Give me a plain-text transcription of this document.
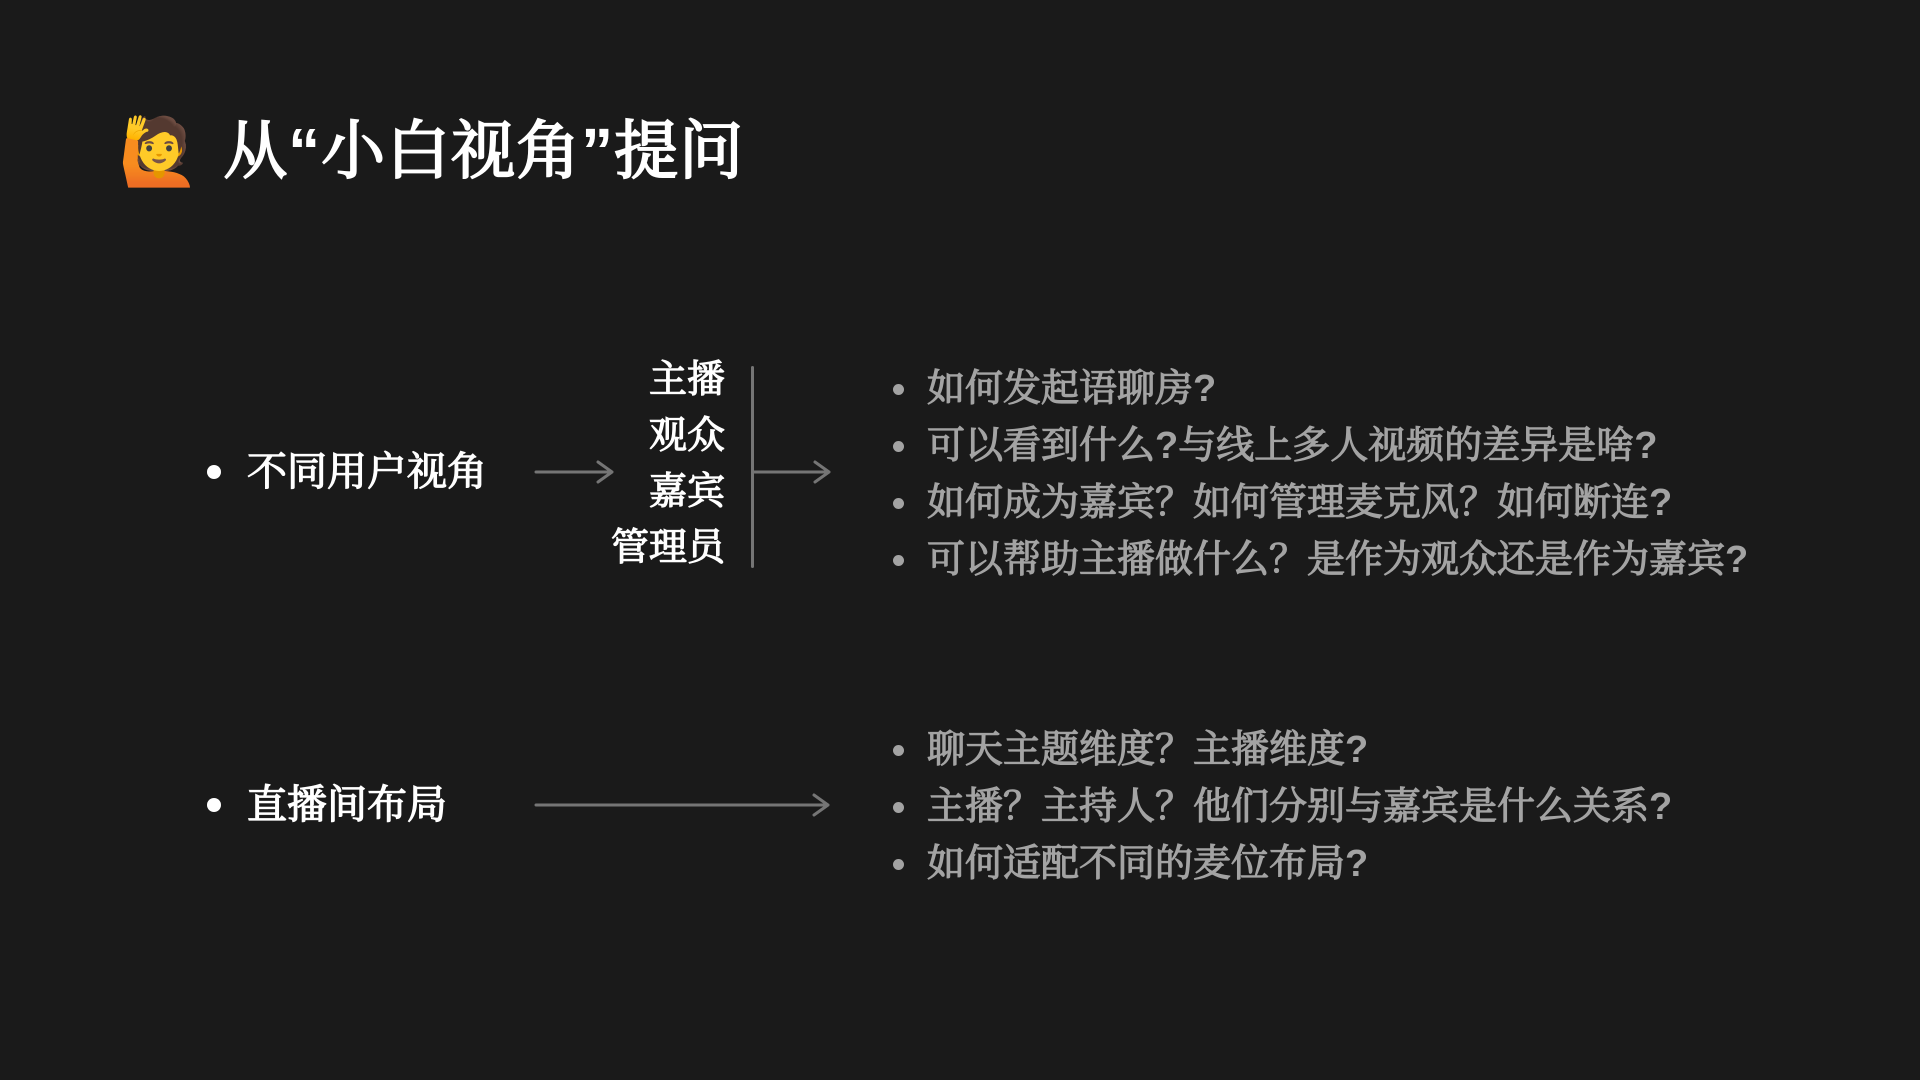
🙋 从“小白视角”提问
不同用户视角
主播
观众
嘉宾
管理员
如何发起语聊房?
可以看到什么?与线上多人视频的差异是啥?
如何成为嘉宾？如何管理麦克风？如何断连?
可以帮助主播做什么？是作为观众还是作为嘉宾?
直播间布局
聊天主题维度？主播维度?
主播？主持人？他们分别与嘉宾是什么关系?
如何适配不同的麦位布局?
